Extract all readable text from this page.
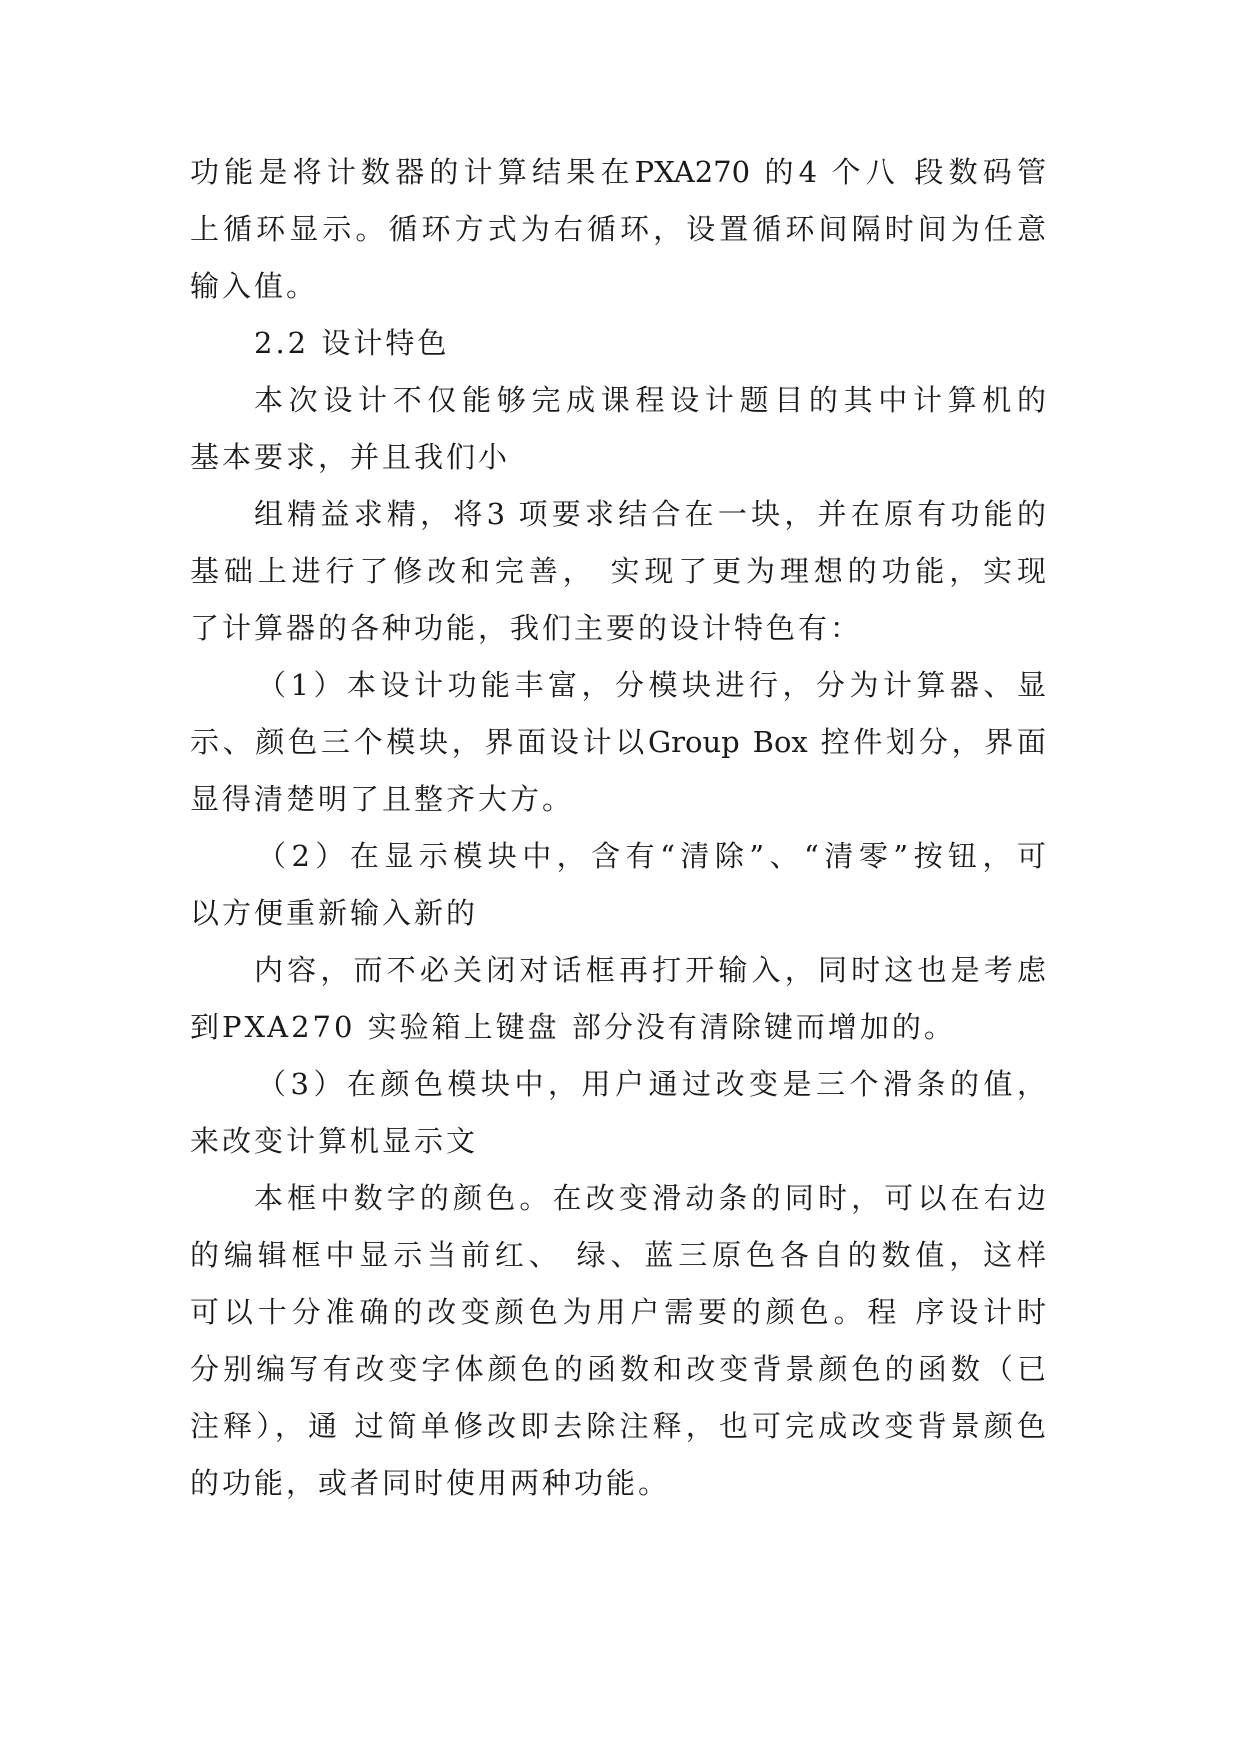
功能是将计数器的计算结果在PXA270 的4 个八 段数码管
上循环显示。循环方式为右循环，设置循环间隔时间为任意
输入值。
2.2 设计特色
本次设计不仅能够完成课程设计题目的其中计算机的
基本要求，并且我们小
组精益求精，将3 项要求结合在一块，并在原有功能的
基础上进行了修改和完善， 实现了更为理想的功能，实现
了计算器的各种功能，我们主要的设计特色有：
（1）本设计功能丰富，分模块进行，分为计算器、显
示、颜色三个模块，界面设计以Group Box 控件划分，界面
显得清楚明了且整齐大方。
（2）在显示模块中，含有“清除”、“清零”按钮，可
以方便重新输入新的
内容，而不必关闭对话框再打开输入，同时这也是考虑
到PXA270 实验箱上键盘 部分没有清除键而增加的。
（3）在颜色模块中，用户通过改变是三个滑条的值，
来改变计算机显示文
本框中数字的颜色。在改变滑动条的同时，可以在右边
的编辑框中显示当前红、 绿、蓝三原色各自的数值，这样
可以十分准确的改变颜色为用户需要的颜色。程 序设计时
分别编写有改变字体颜色的函数和改变背景颜色的函数（已
注释），通 过简单修改即去除注释，也可完成改变背景颜色
的功能，或者同时使用两种功能。
